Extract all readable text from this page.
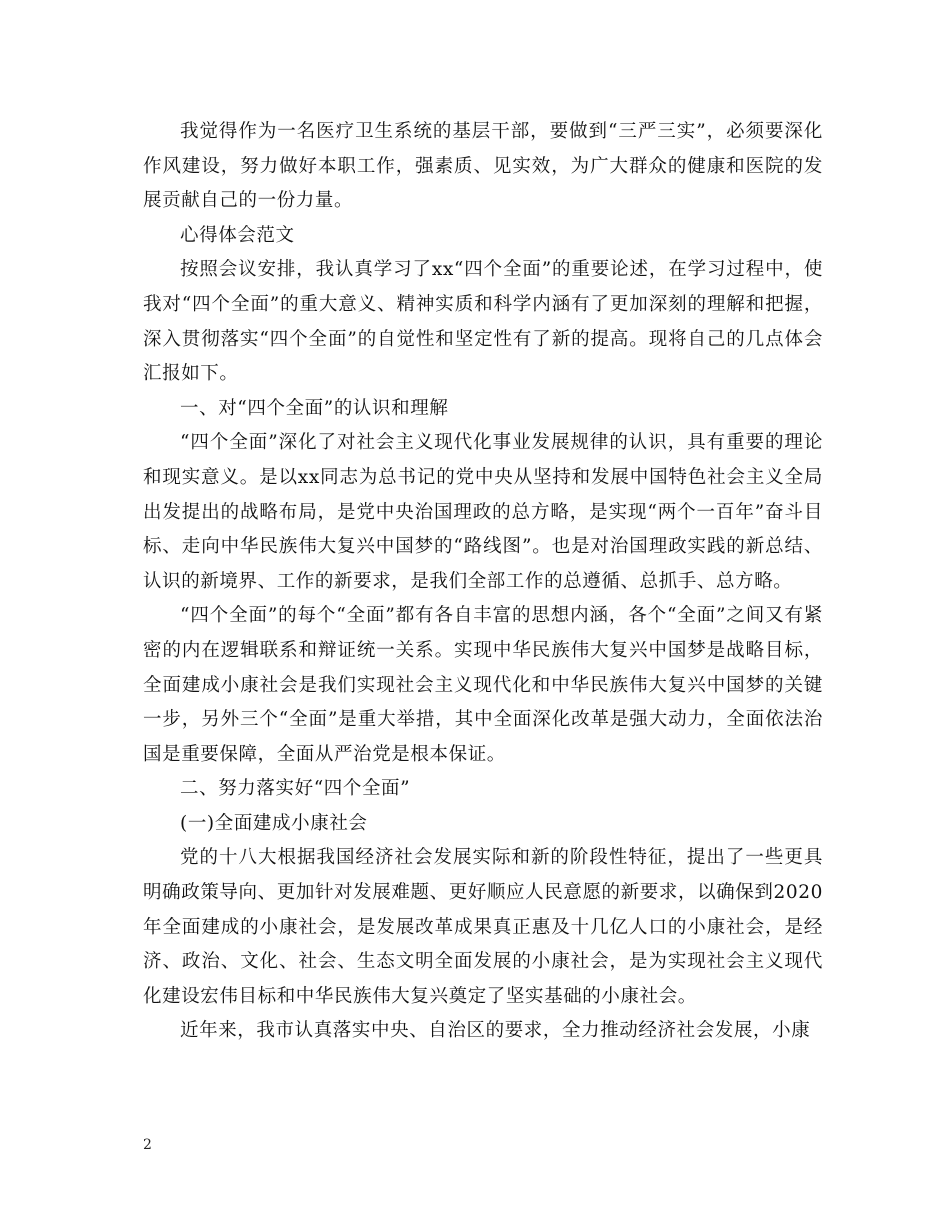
我觉得作为一名医疗卫生系统的基层干部，要做到“三严三实”，必须要深化作风建设，努力做好本职工作，强素质、见实效，为广大群众的健康和医院的发展贡献自己的一份力量。

心得体会范文

按照会议安排，我认真学习了xx“四个全面”的重要论述，在学习过程中，使我对“四个全面”的重大意义、精神实质和科学内涵有了更加深刻的理解和把握，深入贯彻落实“四个全面”的自觉性和坚定性有了新的提高。现将自己的几点体会汇报如下。

一、对“四个全面”的认识和理解

“四个全面”深化了对社会主义现代化事业发展规律的认识，具有重要的理论和现实意义。是以xx同志为总书记的党中央从坚持和发展中国特色社会主义全局出发提出的战略布局，是党中央治国理政的总方略，是实现“两个一百年”奋斗目标、走向中华民族伟大复兴中国梦的“路线图”。也是对治国理政实践的新总结、认识的新境界、工作的新要求，是我们全部工作的总遵循、总抓手、总方略。

“四个全面”的每个“全面”都有各自丰富的思想内涵，各个“全面”之间又有紧密的内在逻辑联系和辩证统一关系。实现中华民族伟大复兴中国梦是战略目标，全面建成小康社会是我们实现社会主义现代化和中华民族伟大复兴中国梦的关键一步，另外三个“全面”是重大举措，其中全面深化改革是强大动力，全面依法治国是重要保障，全面从严治党是根本保证。

二、努力落实好“四个全面”

(一)全面建成小康社会

党的十八大根据我国经济社会发展实际和新的阶段性特征，提出了一些更具明确政策导向、更加针对发展难题、更好顺应人民意愿的新要求，以确保到2020年全面建成的小康社会，是发展改革成果真正惠及十几亿人口的小康社会，是经济、政治、文化、社会、生态文明全面发展的小康社会，是为实现社会主义现代化建设宏伟目标和中华民族伟大复兴奠定了坚实基础的小康社会。

近年来，我市认真落实中央、自治区的要求，全力推动经济社会发展，小康

2
